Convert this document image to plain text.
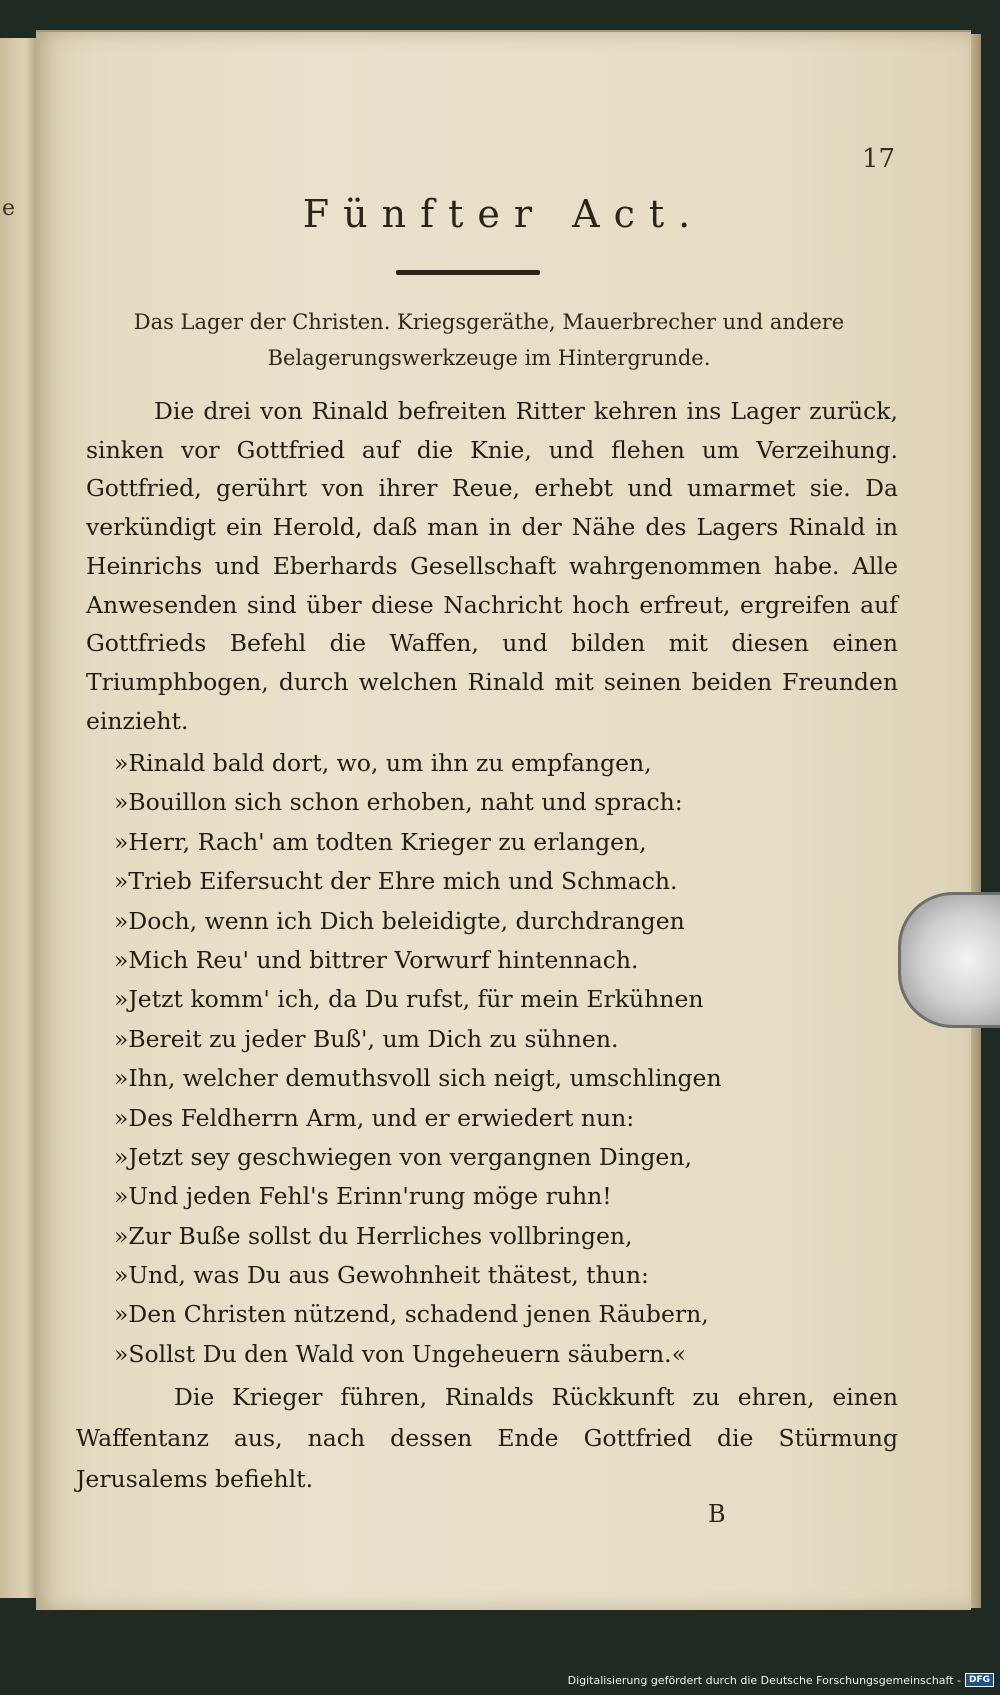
e
17
Fünfter Act.
Das Lager der Christen. Kriegsgeräthe, Mauerbrecher und andere
Belagerungswerkzeuge im Hintergrunde.
Die drei von Rinald befreiten Ritter kehren ins Lager zurück, sinken vor Gottfried auf die Knie, und flehen um Verzeihung. Gottfried, gerührt von ihrer Reue, erhebt und umarmet sie. Da verkündigt ein Herold, daß man in der Nähe des Lagers Rinald in Heinrichs und Eberhards Gesellschaft wahrgenommen habe. Alle Anwesenden sind über diese Nachricht hoch erfreut, ergreifen auf Gottfrieds Befehl die Waffen, und bilden mit diesen einen Triumphbogen, durch welchen Rinald mit seinen beiden Freunden einzieht.
»Rinald bald dort, wo, um ihn zu empfangen,
»Bouillon sich schon erhoben, naht und sprach:
»Herr, Rach' am todten Krieger zu erlangen,
»Trieb Eifersucht der Ehre mich und Schmach.
»Doch, wenn ich Dich beleidigte, durchdrangen
»Mich Reu' und bittrer Vorwurf hintennach.
»Jetzt komm' ich, da Du rufst, für mein Erkühnen
»Bereit zu jeder Buß', um Dich zu sühnen.
»Ihn, welcher demuthsvoll sich neigt, umschlingen
»Des Feldherrn Arm, und er erwiedert nun:
»Jetzt sey geschwiegen von vergangnen Dingen,
»Und jeden Fehl's Erinn'rung möge ruhn!
»Zur Buße sollst du Herrliches vollbringen,
»Und, was Du aus Gewohnheit thätest, thun:
»Den Christen nützend, schadend jenen Räubern,
»Sollst Du den Wald von Ungeheuern säubern.«
Die Krieger führen, Rinalds Rückkunft zu ehren, einen Waffentanz aus, nach dessen Ende Gottfried die Stürmung Jerusalems befiehlt.
B
Digitalisierung gefördert durch die Deutsche Forschungsgemeinschaft - DFG
